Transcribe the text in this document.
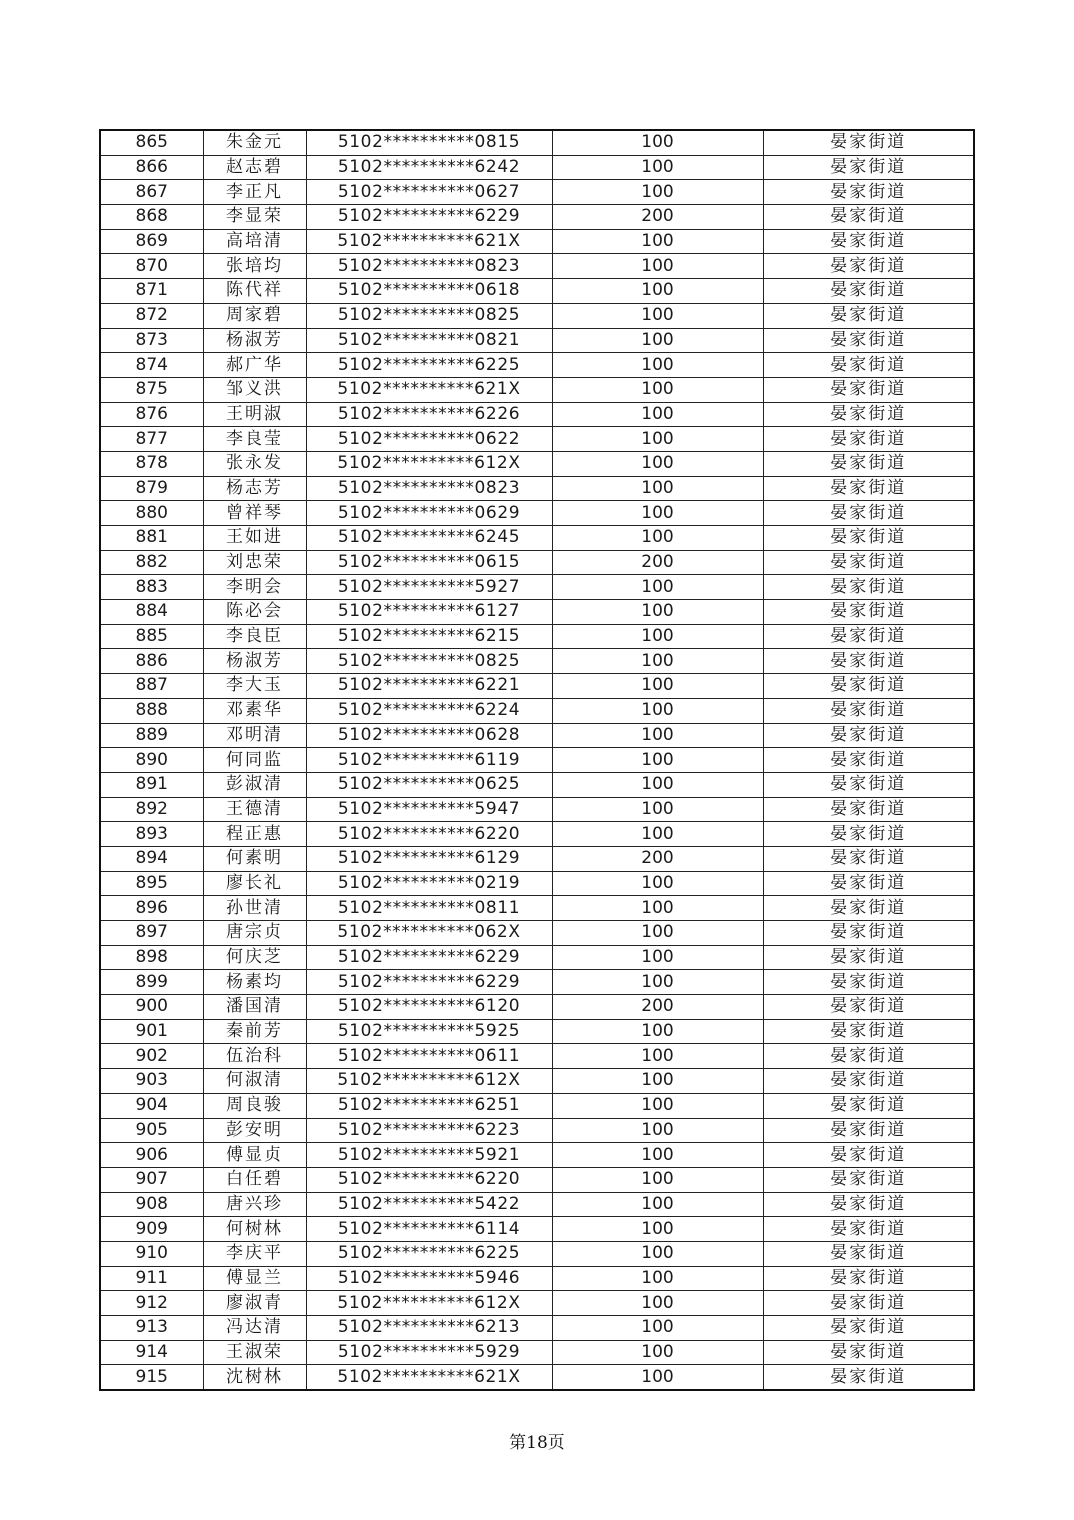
865	朱金元	5102**********0815	100	晏家街道
866	赵志碧	5102**********6242	100	晏家街道
867	李正凡	5102**********0627	100	晏家街道
868	李显荣	5102**********6229	200	晏家街道
869	高培清	5102**********621X	100	晏家街道
870	张培均	5102**********0823	100	晏家街道
871	陈代祥	5102**********0618	100	晏家街道
872	周家碧	5102**********0825	100	晏家街道
873	杨淑芳	5102**********0821	100	晏家街道
874	郝广华	5102**********6225	100	晏家街道
875	邹义洪	5102**********621X	100	晏家街道
876	王明淑	5102**********6226	100	晏家街道
877	李良莹	5102**********0622	100	晏家街道
878	张永发	5102**********612X	100	晏家街道
879	杨志芳	5102**********0823	100	晏家街道
880	曾祥琴	5102**********0629	100	晏家街道
881	王如进	5102**********6245	100	晏家街道
882	刘忠荣	5102**********0615	200	晏家街道
883	李明会	5102**********5927	100	晏家街道
884	陈必会	5102**********6127	100	晏家街道
885	李良臣	5102**********6215	100	晏家街道
886	杨淑芳	5102**********0825	100	晏家街道
887	李大玉	5102**********6221	100	晏家街道
888	邓素华	5102**********6224	100	晏家街道
889	邓明清	5102**********0628	100	晏家街道
890	何同监	5102**********6119	100	晏家街道
891	彭淑清	5102**********0625	100	晏家街道
892	王德清	5102**********5947	100	晏家街道
893	程正惠	5102**********6220	100	晏家街道
894	何素明	5102**********6129	200	晏家街道
895	廖长礼	5102**********0219	100	晏家街道
896	孙世清	5102**********0811	100	晏家街道
897	唐宗贞	5102**********062X	100	晏家街道
898	何庆芝	5102**********6229	100	晏家街道
899	杨素均	5102**********6229	100	晏家街道
900	潘国清	5102**********6120	200	晏家街道
901	秦前芳	5102**********5925	100	晏家街道
902	伍治科	5102**********0611	100	晏家街道
903	何淑清	5102**********612X	100	晏家街道
904	周良骏	5102**********6251	100	晏家街道
905	彭安明	5102**********6223	100	晏家街道
906	傅显贞	5102**********5921	100	晏家街道
907	白任碧	5102**********6220	100	晏家街道
908	唐兴珍	5102**********5422	100	晏家街道
909	何树林	5102**********6114	100	晏家街道
910	李庆平	5102**********6225	100	晏家街道
911	傅显兰	5102**********5946	100	晏家街道
912	廖淑青	5102**********612X	100	晏家街道
913	冯达清	5102**********6213	100	晏家街道
914	王淑荣	5102**********5929	100	晏家街道
915	沈树林	5102**********621X	100	晏家街道
第18页
